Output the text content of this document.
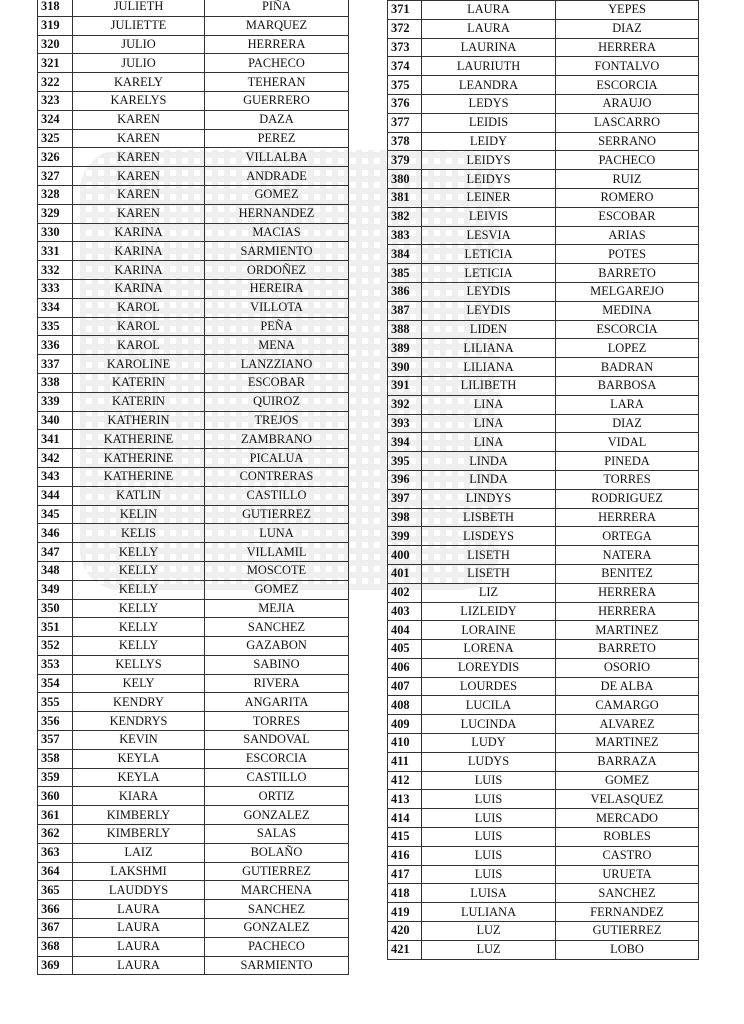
318	JULIETH	PIÑA
319	JULIETTE	MARQUEZ
320	JULIO	HERRERA
321	JULIO	PACHECO
322	KARELY	TEHERAN
323	KARELYS	GUERRERO
324	KAREN	DAZA
325	KAREN	PEREZ
326	KAREN	VILLALBA
327	KAREN	ANDRADE
328	KAREN	GOMEZ
329	KAREN	HERNANDEZ
330	KARINA	MACIAS
331	KARINA	SARMIENTO
332	KARINA	ORDOÑEZ
333	KARINA	HEREIRA
334	KAROL	VILLOTA
335	KAROL	PEÑA
336	KAROL	MENA
337	KAROLINE	LANZZIANO
338	KATERIN	ESCOBAR
339	KATERIN	QUIROZ
340	KATHERIN	TREJOS
341	KATHERINE	ZAMBRANO
342	KATHERINE	PICALUA
343	KATHERINE	CONTRERAS
344	KATLIN	CASTILLO
345	KELIN	GUTIERREZ
346	KELIS	LUNA
347	KELLY	VILLAMIL
348	KELLY	MOSCOTE
349	KELLY	GOMEZ
350	KELLY	MEJIA
351	KELLY	SANCHEZ
352	KELLY	GAZABON
353	KELLYS	SABINO
354	KELY	RIVERA
355	KENDRY	ANGARITA
356	KENDRYS	TORRES
357	KEVIN	SANDOVAL
358	KEYLA	ESCORCIA
359	KEYLA	CASTILLO
360	KIARA	ORTIZ
361	KIMBERLY	GONZALEZ
362	KIMBERLY	SALAS
363	LAIZ	BOLAÑO
364	LAKSHMI	GUTIERREZ
365	LAUDDYS	MARCHENA
366	LAURA	SANCHEZ
367	LAURA	GONZALEZ
368	LAURA	PACHECO
369	LAURA	SARMIENTO

371	LAURA	YEPES
372	LAURA	DIAZ
373	LAURINA	HERRERA
374	LAURIUTH	FONTALVO
375	LEANDRA	ESCORCIA
376	LEDYS	ARAUJO
377	LEIDIS	LASCARRO
378	LEIDY	SERRANO
379	LEIDYS	PACHECO
380	LEIDYS	RUIZ
381	LEINER	ROMERO
382	LEIVIS	ESCOBAR
383	LESVIA	ARIAS
384	LETICIA	POTES
385	LETICIA	BARRETO
386	LEYDIS	MELGAREJO
387	LEYDIS	MEDINA
388	LIDEN	ESCORCIA
389	LILIANA	LOPEZ
390	LILIANA	BADRAN
391	LILIBETH	BARBOSA
392	LINA	LARA
393	LINA	DIAZ
394	LINA	VIDAL
395	LINDA	PINEDA
396	LINDA	TORRES
397	LINDYS	RODRIGUEZ
398	LISBETH	HERRERA
399	LISDEYS	ORTEGA
400	LISETH	NATERA
401	LISETH	BENITEZ
402	LIZ	HERRERA
403	LIZLEIDY	HERRERA
404	LORAINE	MARTINEZ
405	LORENA	BARRETO
406	LOREYDIS	OSORIO
407	LOURDES	DE ALBA
408	LUCILA	CAMARGO
409	LUCINDA	ALVAREZ
410	LUDY	MARTINEZ
411	LUDYS	BARRAZA
412	LUIS	GOMEZ
413	LUIS	VELASQUEZ
414	LUIS	MERCADO
415	LUIS	ROBLES
416	LUIS	CASTRO
417	LUIS	URUETA
418	LUISA	SANCHEZ
419	LULIANA	FERNANDEZ
420	LUZ	GUTIERREZ
421	LUZ	LOBO
